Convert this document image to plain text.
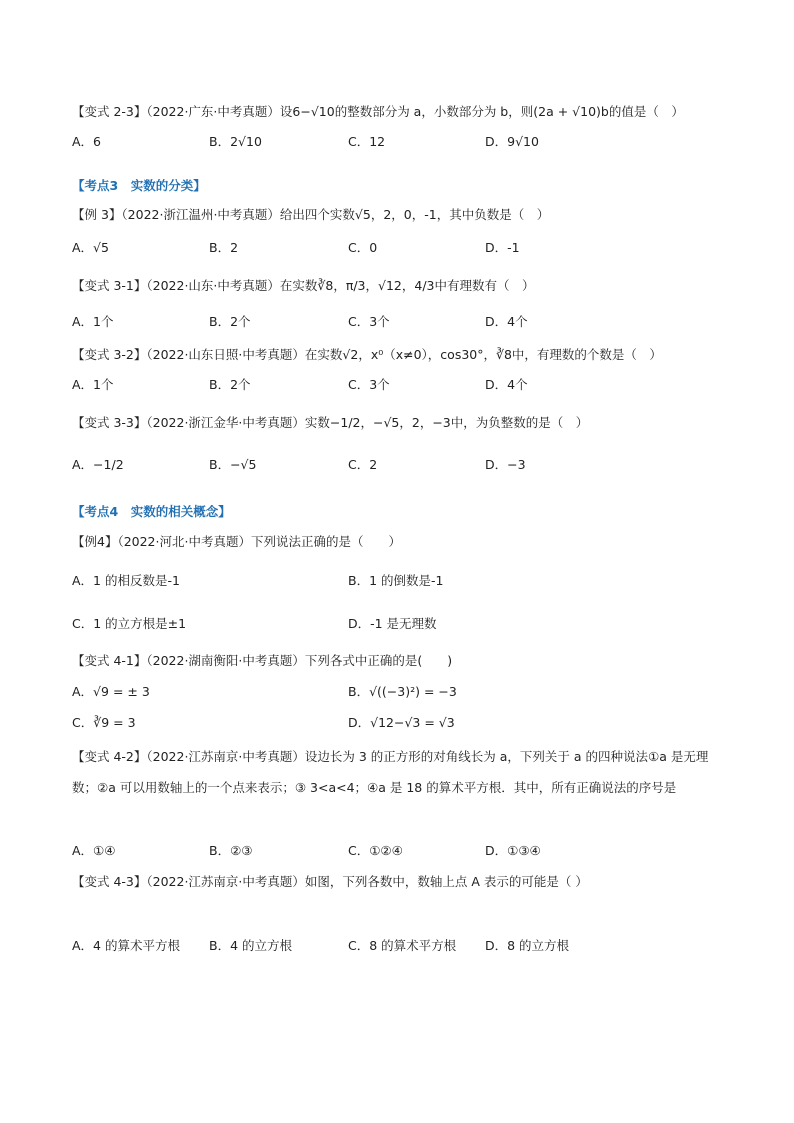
【变式 2-3】（2022·广东·中考真题）设6−√10的整数部分为 a，小数部分为 b，则(2a + √10)b的值是（　）
A．6	B．2√10	C．12	D．9√10
【考点3　实数的分类】
【例 3】（2022·浙江温州·中考真题）给出四个实数√5，2，0，-1，其中负数是（　）
A．√5	B．2	C．0	D．-1
【变式 3-1】（2022·山东·中考真题）在实数∛8，π/3，√12，4/3中有理数有（　）
A．1个	B．2个	C．3个	D．4个
【变式 3-2】（2022·山东日照·中考真题）在实数√2，x⁰（x≠0），cos30°，∛8中，有理数的个数是（　）
A．1个	B．2个	C．3个	D．4个
【变式 3-3】（2022·浙江金华·中考真题）实数−1/2，−√5，2，−3中，为负整数的是（　）
A．−1/2	B．−√5	C．2	D．−3
【考点4　实数的相关概念】
【例4】（2022·河北·中考真题）下列说法正确的是（　　）
A．1 的相反数是-1	B．1 的倒数是-1
C．1 的立方根是±1	D．-1 是无理数
【变式 4-1】（2022·湖南衡阳·中考真题）下列各式中正确的是(　　)
A．√9 = ± 3	B．√((−3)²) = −3
C．∛9 = 3	D．√12−√3 = √3
【变式 4-2】（2022·江苏南京·中考真题）设边长为 3 的正方形的对角线长为 a，下列关于 a 的四种说法①a 是无理数；②a 可以用数轴上的一个点来表示；③ 3<a<4；④a 是 18 的算术平方根．其中，所有正确说法的序号是
A．①④	B．②③	C．①②④	D．①③④
【变式 4-3】（2022·江苏南京·中考真题）如图，下列各数中，数轴上点 A 表示的可能是（ ）
A．4 的算术平方根 B．4 的立方根	C．8 的算术平方根 D．8 的立方根
